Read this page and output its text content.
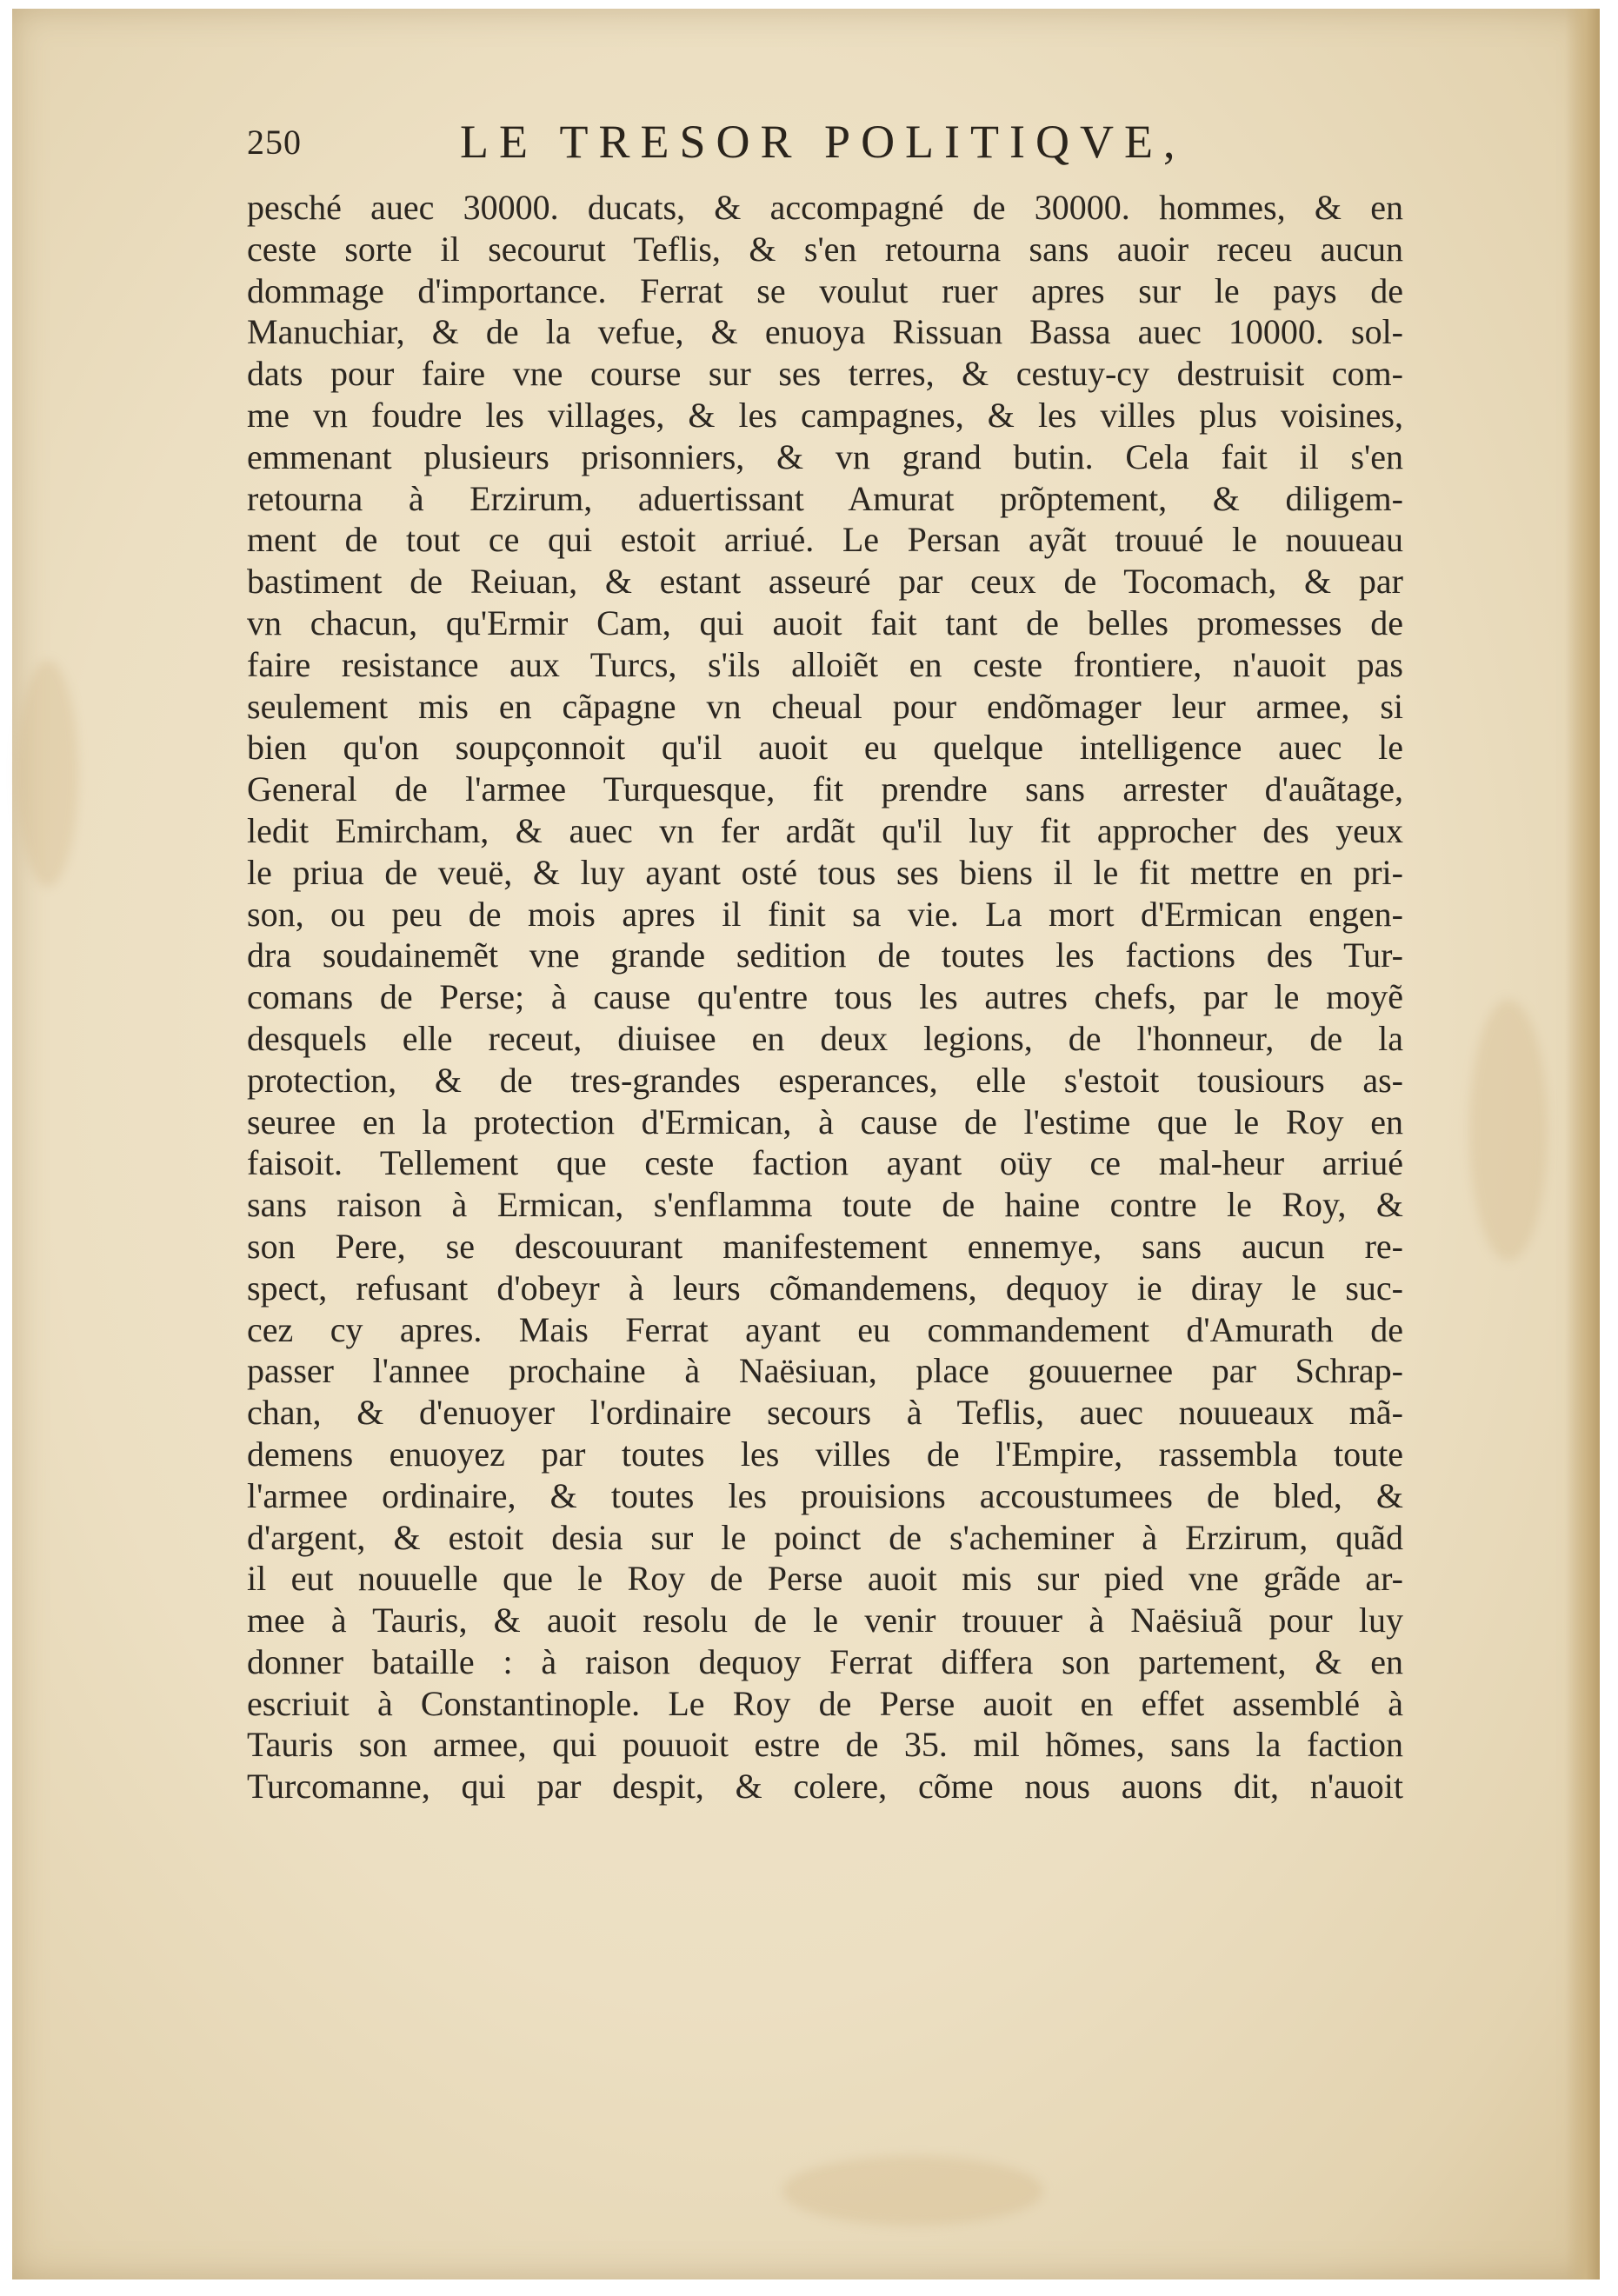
250	LE TRESOR POLITIQVE,
pesché auec 30000. ducats, & accompagné de 30000. hommes, & en
ceste sorte il secourut Teflis, & s'en retourna sans auoir receu aucun
dommage d'importance. Ferrat se voulut ruer apres sur le pays de
Manuchiar, & de la vefue, & enuoya Rissuan Bassa auec 10000. sol-
dats pour faire vne course sur ses terres, & cestuy-cy destruisit com-
me vn foudre les villages, & les campagnes, & les villes plus voisines,
emmenant plusieurs prisonniers, & vn grand butin. Cela fait il s'en
retourna à Erzirum, aduertissant Amurat prõptement, & diligem-
ment de tout ce qui estoit arriué. Le Persan ayãt trouué le nouueau
bastiment de Reiuan, & estant asseuré par ceux de Tocomach, & par
vn chacun, qu'Ermir Cam, qui auoit fait tant de belles promesses de
faire resistance aux Turcs, s'ils alloiẽt en ceste frontiere, n'auoit pas
seulement mis en cãpagne vn cheual pour endõmager leur armee, si
bien qu'on soupçonnoit qu'il auoit eu quelque intelligence auec le
General de l'armee Turquesque, fit prendre sans arrester d'auãtage,
ledit Emircham, & auec vn fer ardãt qu'il luy fit approcher des yeux
le priua de veuë, & luy ayant osté tous ses biens il le fit mettre en pri-
son, ou peu de mois apres il finit sa vie. La mort d'Ermican engen-
dra soudainemẽt vne grande sedition de toutes les factions des Tur-
comans de Perse; à cause qu'entre tous les autres chefs, par le moyẽ
desquels elle receut, diuisee en deux legions, de l'honneur, de la
protection, & de tres-grandes esperances, elle s'estoit tousiours as-
seuree en la protection d'Ermican, à cause de l'estime que le Roy en
faisoit. Tellement que ceste faction ayant oüy ce mal-heur arriué
sans raison à Ermican, s'enflamma toute de haine contre le Roy, &
son Pere, se descouurant manifestement ennemye, sans aucun re-
spect, refusant d'obeyr à leurs cõmandemens, dequoy ie diray le suc-
cez cy apres. Mais Ferrat ayant eu commandement d'Amurath de
passer l'annee prochaine à Naësiuan, place gouuernee par Schrap-
chan, & d'enuoyer l'ordinaire secours à Teflis, auec nouueaux mã-
demens enuoyez par toutes les villes de l'Empire, rassembla toute
l'armee ordinaire, & toutes les prouisions accoustumees de bled, &
d'argent, & estoit desia sur le poinct de s'acheminer à Erzirum, quãd
il eut nouuelle que le Roy de Perse auoit mis sur pied vne grãde ar-
mee à Tauris, & auoit resolu de le venir trouuer à Naësiuã pour luy
donner bataille : à raison dequoy Ferrat differa son partement, & en
escriuit à Constantinople. Le Roy de Perse auoit en effet assemblé à
Tauris son armee, qui pouuoit estre de 35. mil hõmes, sans la faction
Turcomanne, qui par despit, & colere, cõme nous auons dit, n'auoit
